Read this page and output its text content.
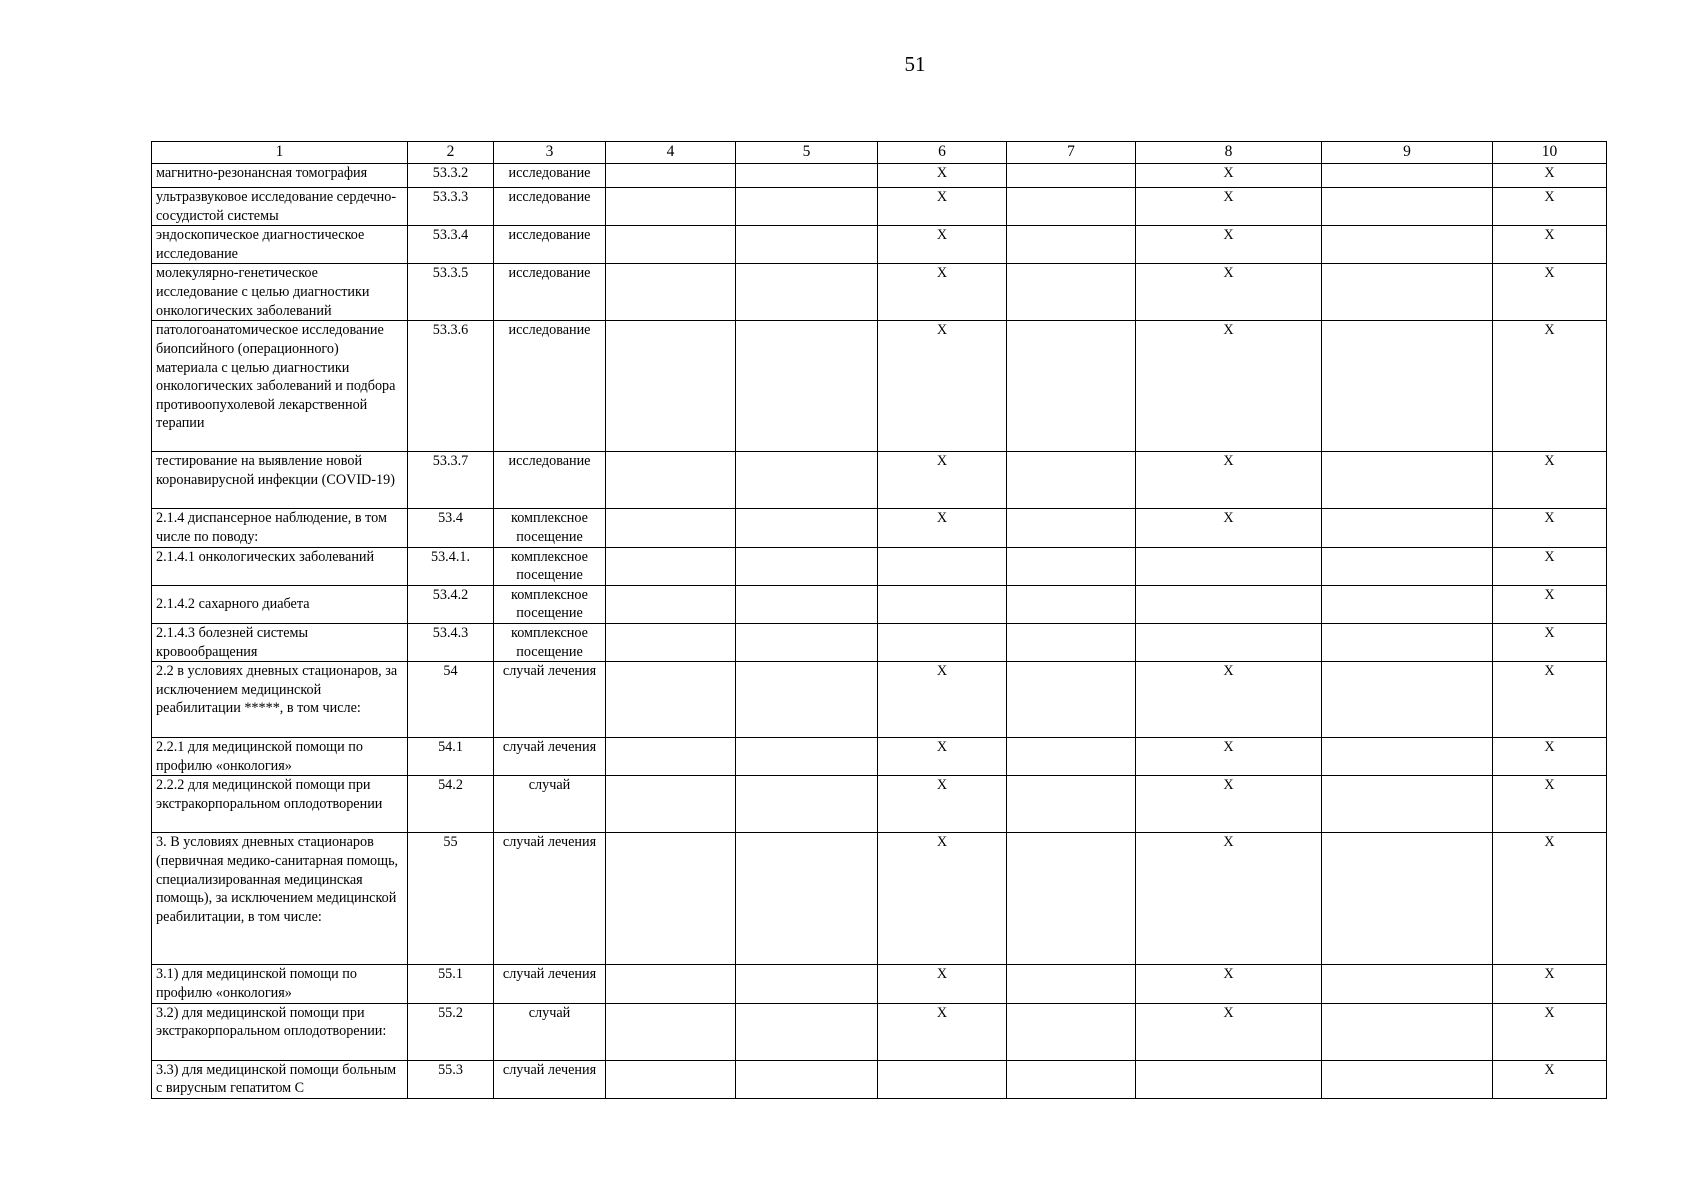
51
1	2	3	4	5	6	7	8	9	10
магнитно-резонансная томография	53.3.2	исследование			X		X		X
ультразвуковое исследование сердечно-сосудистой системы	53.3.3	исследование			X		X		X
эндоскопическое диагностическое исследование	53.3.4	исследование			X		X		X
молекулярно-генетическое исследование с целью диагностики онкологических заболеваний	53.3.5	исследование			X		X		X
патологоанатомическое исследование биопсийного (операционного) материала с целью диагностики онкологических заболеваний и подбора противоопухолевой лекарственной терапии	53.3.6	исследование			X		X		X
тестирование на выявление новой коронавирусной инфекции (COVID-19)	53.3.7	исследование			X		X		X
2.1.4 диспансерное наблюдение, в том числе по поводу:	53.4	комплексное посещение			X		X		X
2.1.4.1 онкологических заболеваний	53.4.1.	комплексное посещение							X
2.1.4.2 сахарного диабета	53.4.2	комплексное посещение							X
2.1.4.3 болезней системы кровообращения	53.4.3	комплексное посещение							X
2.2 в условиях дневных стационаров, за исключением медицинской реабилитации *****, в том числе:	54	случай лечения			X		X		X
2.2.1 для медицинской помощи по профилю «онкология»	54.1	случай лечения			X		X		X
2.2.2 для медицинской помощи при экстракорпоральном оплодотворении	54.2	случай			X		X		X
3. В условиях дневных стационаров (первичная медико-санитарная помощь, специализированная медицинская помощь), за исключением медицинской реабилитации, в том числе:	55	случай лечения			X		X		X
3.1) для медицинской помощи по профилю «онкология»	55.1	случай лечения			X		X		X
3.2) для медицинской помощи при экстракорпоральном оплодотворении:	55.2	случай			X		X		X
3.3) для медицинской помощи больным с вирусным гепатитом С	55.3	случай лечения							X
